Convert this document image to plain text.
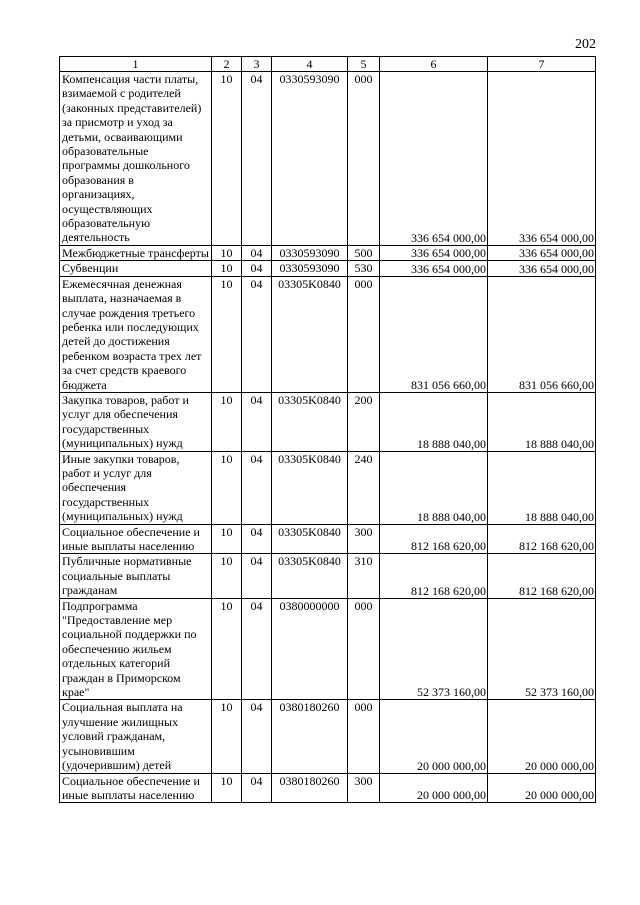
202
1	2	3	4	5	6	7
Компенсация части платы, взимаемой с родителей (законных представителей) за присмотр и уход за детьми, осваивающими образовательные программы дошкольного образования в организациях, осуществляющих образовательную деятельность	10	04	0330593090	000	336 654 000,00	336 654 000,00
Межбюджетные трансферты	10	04	0330593090	500	336 654 000,00	336 654 000,00
Субвенции	10	04	0330593090	530	336 654 000,00	336 654 000,00
Ежемесячная денежная выплата, назначаемая в случае рождения третьего ребенка или последующих детей до достижения ребенком возраста трех лет за счет средств краевого бюджета	10	04	03305K0840	000	831 056 660,00	831 056 660,00
Закупка товаров, работ и услуг для обеспечения государственных (муниципальных) нужд	10	04	03305K0840	200	18 888 040,00	18 888 040,00
Иные закупки товаров, работ и услуг для обеспечения государственных (муниципальных) нужд	10	04	03305K0840	240	18 888 040,00	18 888 040,00
Социальное обеспечение и иные выплаты населению	10	04	03305K0840	300	812 168 620,00	812 168 620,00
Публичные нормативные социальные выплаты гражданам	10	04	03305K0840	310	812 168 620,00	812 168 620,00
Подпрограмма "Предоставление мер социальной поддержки по обеспечению жильем отдельных категорий граждан в Приморском крае"	10	04	0380000000	000	52 373 160,00	52 373 160,00
Социальная выплата на улучшение жилищных условий гражданам, усыновившим (удочерившим) детей	10	04	0380180260	000	20 000 000,00	20 000 000,00
Социальное обеспечение и иные выплаты населению	10	04	0380180260	300	20 000 000,00	20 000 000,00
